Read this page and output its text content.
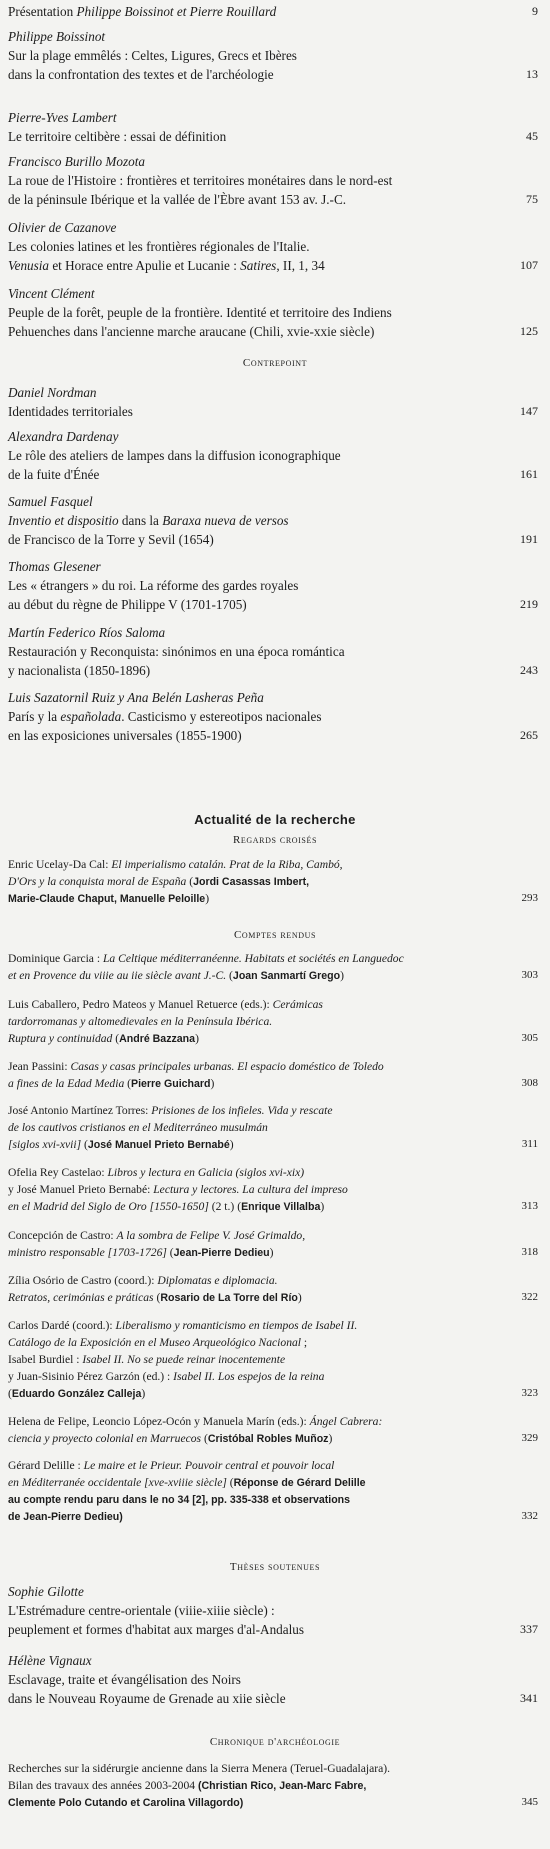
Présentation Philippe Boissinot et Pierre Rouillard	9
Philippe Boissinot
Sur la plage emmêlés : Celtes, Ligures, Grecs et Ibères
dans la confrontation des textes et de l'archéologie	13
Pierre-Yves Lambert
Le territoire celtibère : essai de définition	45
Francisco Burillo Mozota
La roue de l'Histoire : frontières et territoires monétaires dans le nord-est
de la péninsule Ibérique et la vallée de l'Èbre avant 153 av. J.-C.	75
Olivier de Cazanove
Les colonies latines et les frontières régionales de l'Italie.
Venusia et Horace entre Apulie et Lucanie : Satires, II, 1, 34	107
Vincent Clément
Peuple de la forêt, peuple de la frontière. Identité et territoire des Indiens
Pehuenches dans l'ancienne marche araucane (Chili, xvie-xxie siècle)	125
Contrepoint
Daniel Nordman
Identidades territoriales	147
Alexandra Dardenay
Le rôle des ateliers de lampes dans la diffusion iconographique
de la fuite d'Énée	161
Samuel Fasquel
Inventio et dispositio dans la Baraxa nueva de versos
de Francisco de la Torre y Sevil (1654)	191
Thomas Glesener
Les « étrangers » du roi. La réforme des gardes royales
au début du règne de Philippe V (1701-1705)	219
Martín Federico Ríos Saloma
Restauración y Reconquista: sinónimos en una época romántica
y nacionalista (1850-1896)	243
Luis Sazatornil Ruiz y Ana Belén Lasheras Peña
París y la españolada. Casticismo y estereotipos nacionales
en las exposiciones universales (1855-1900)	265
Actualité de la recherche
Regards croisés
Enric Ucelay-Da Cal: El imperialismo catalán. Prat de la Riba, Cambó,
D'Ors y la conquista moral de España (Jordi Casassas Imbert,
Marie-Claude Chaput, Manuelle Peloille)	293
Comptes rendus
Dominique Garcia : La Celtique méditerranéenne. Habitats et sociétés en Languedoc
et en Provence du viiie au iie siècle avant J.-C. (Joan Sanmartí Grego)	303
Luis Caballero, Pedro Mateos y Manuel Retuerce (eds.): Cerámicas
tardorromanas y altomedievales en la Península Ibérica.
Ruptura y continuidad (André Bazzana)	305
Jean Passini: Casas y casas principales urbanas. El espacio doméstico de Toledo
a fines de la Edad Media (Pierre Guichard)	308
José Antonio Martínez Torres: Prisiones de los infieles. Vida y rescate
de los cautivos cristianos en el Mediterráneo musulmán
[siglos xvi-xvii] (José Manuel Prieto Bernabé)	311
Ofelia Rey Castelao: Libros y lectura en Galicia (siglos xvi-xix)
y José Manuel Prieto Bernabé: Lectura y lectores. La cultura del impreso
en el Madrid del Siglo de Oro [1550-1650] (2 t.) (Enrique Villalba)	313
Concepción de Castro: A la sombra de Felipe V. José Grimaldo,
ministro responsable [1703-1726] (Jean-Pierre Dedieu)	318
Zília Osório de Castro (coord.): Diplomatas e diplomacia.
Retratos, cerimónias e práticas (Rosario de La Torre del Río)	322
Carlos Dardé (coord.): Liberalismo y romanticismo en tiempos de Isabel II.
Catálogo de la Exposición en el Museo Arqueológico Nacional ;
Isabel Burdiel : Isabel II. No se puede reinar inocentemente
y Juan-Sisinio Pérez Garzón (ed.) : Isabel II. Los espejos de la reina
(Eduardo González Calleja)	323
Helena de Felipe, Leoncio López-Ocón y Manuela Marín (eds.): Ángel Cabrera:
ciencia y proyecto colonial en Marruecos (Cristóbal Robles Muñoz)	329
Gérard Delille : Le maire et le Prieur. Pouvoir central et pouvoir local
en Méditerranée occidentale [xve-xviiie siècle] (Réponse de Gérard Delille
au compte rendu paru dans le no 34 [2], pp. 335-338 et observations
de Jean-Pierre Dedieu)	332
Thèses soutenues
Sophie Gilotte
L'Estrémadure centre-orientale (viiie-xiiie siècle) :
peuplement et formes d'habitat aux marges d'al-Andalus	337
Hélène Vignaux
Esclavage, traite et évangélisation des Noirs
dans le Nouveau Royaume de Grenade au xiie siècle	341
Chronique d'archéologie
Recherches sur la sidérurgie ancienne dans la Sierra Menera (Teruel-Guadalajara).
Bilan des travaux des années 2003-2004 (Christian Rico, Jean-Marc Fabre,
Clemente Polo Cutando et Carolina Villagordo)	345
